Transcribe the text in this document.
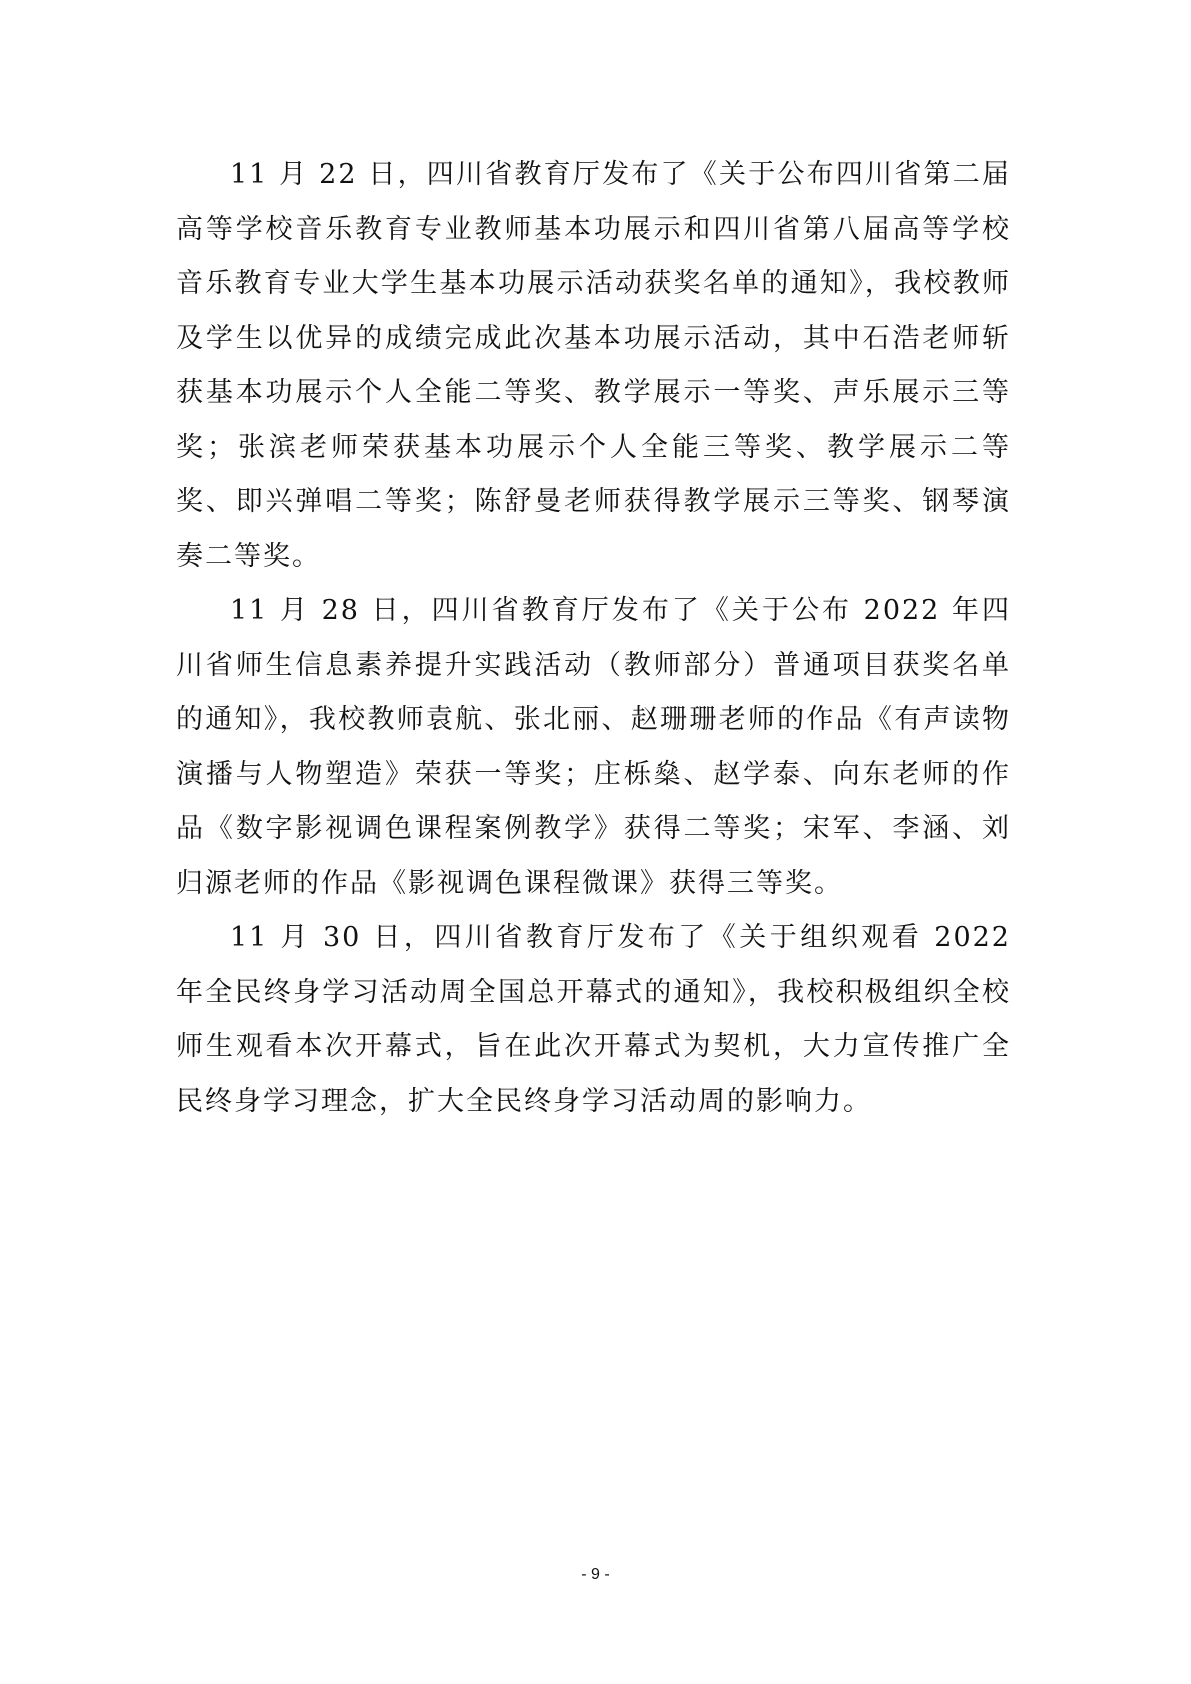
11 月 22 日，四川省教育厅发布了《关于公布四川省第二届高等学校音乐教育专业教师基本功展示和四川省第八届高等学校音乐教育专业大学生基本功展示活动获奖名单的通知》，我校教师及学生以优异的成绩完成此次基本功展示活动，其中石浩老师斩获基本功展示个人全能二等奖、教学展示一等奖、声乐展示三等奖；张滨老师荣获基本功展示个人全能三等奖、教学展示二等奖、即兴弹唱二等奖；陈舒曼老师获得教学展示三等奖、钢琴演奏二等奖。

11 月 28 日，四川省教育厅发布了《关于公布 2022 年四川省师生信息素养提升实践活动（教师部分）普通项目获奖名单的通知》，我校教师袁航、张北丽、赵珊珊老师的作品《有声读物演播与人物塑造》荣获一等奖；庄栎燊、赵学泰、向东老师的作品《数字影视调色课程案例教学》获得二等奖；宋军、李涵、刘归源老师的作品《影视调色课程微课》获得三等奖。

11 月 30 日，四川省教育厅发布了《关于组织观看 2022 年全民终身学习活动周全国总开幕式的通知》，我校积极组织全校师生观看本次开幕式，旨在此次开幕式为契机，大力宣传推广全民终身学习理念，扩大全民终身学习活动周的影响力。

- 9 -
